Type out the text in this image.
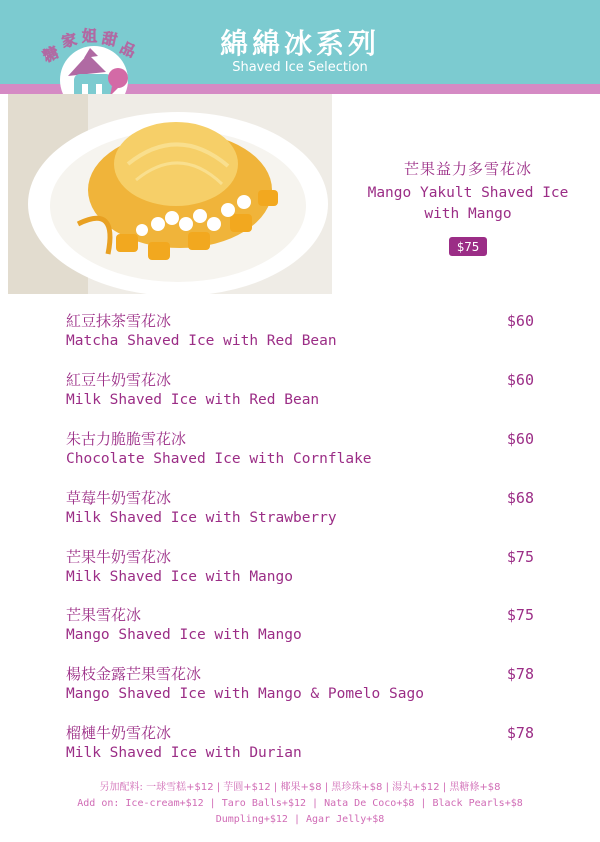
綿綿冰系列
Shaved Ice Selection
糖
家 姐 甜
品
芒果益力多雪花冰
Mango Yakult Shaved Ice
with Mango
$75
紅豆抹茶雪花冰
Matcha Shaved Ice with Red Bean
$60
紅豆牛奶雪花冰
Milk Shaved Ice with Red Bean
$60
朱古力脆脆雪花冰
Chocolate Shaved Ice with Cornflake
$60
草莓牛奶雪花冰
Milk Shaved Ice with Strawberry
$68
芒果牛奶雪花冰
Milk Shaved Ice with Mango
$75
芒果雪花冰
Mango Shaved Ice with Mango
$75
楊枝金露芒果雪花冰
Mango Shaved Ice with Mango & Pomelo Sago
$78
榴槤牛奶雪花冰
Milk Shaved Ice with Durian
$78
另加配料: 一球雪糕+$12 | 芋圓+$12 | 椰果+$8 | 黑珍珠+$8 | 湯丸+$12 | 黑糖條+$8
Add on: Ice-cream+$12 | Taro Balls+$12 | Nata De Coco+$8 | Black Pearls+$8
Dumpling+$12 | Agar Jelly+$8
